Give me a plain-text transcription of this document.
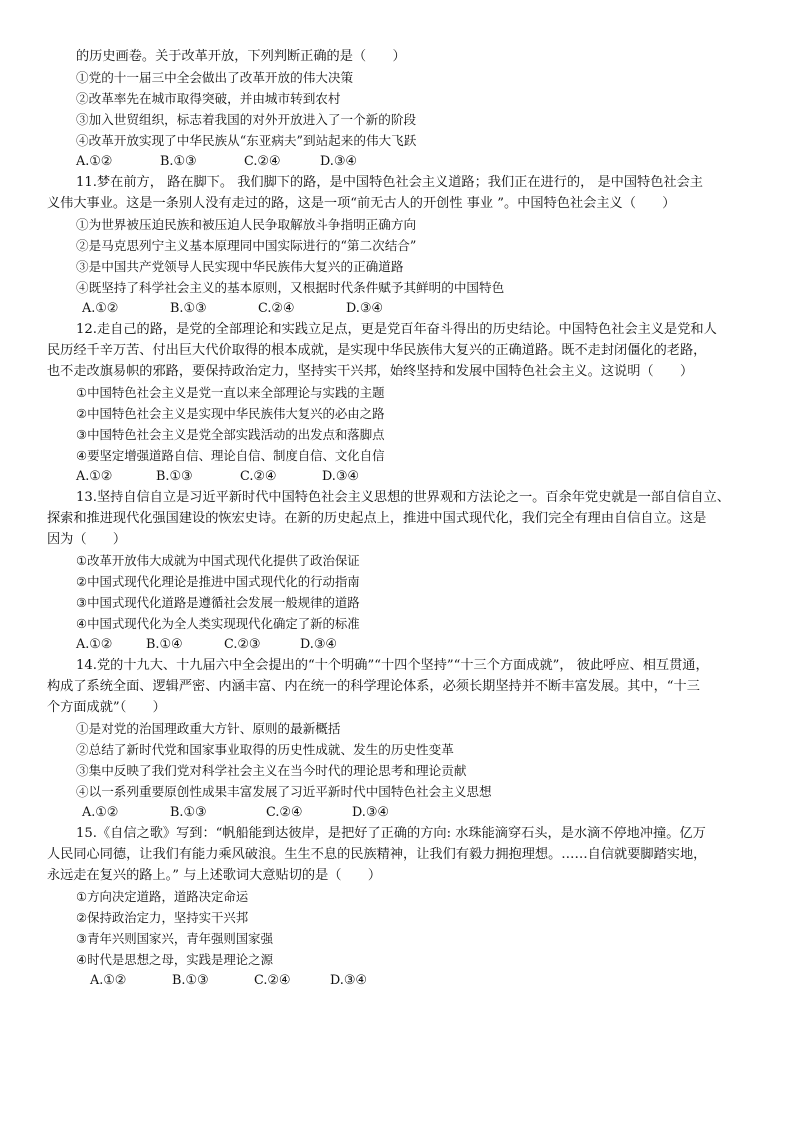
的历史画卷。关于改革开放，下列判断正确的是（　　）
①党的十一届三中全会做出了改革开放的伟大决策
②改革率先在城市取得突破，并由城市转到农村
③加入世贸组织，标志着我国的对外开放进入了一个新的阶段
④改革开放实现了中华民族从“东亚病夫”到站起来的伟大飞跃
A.①②	B.①③	C.②④	D.③④
11.梦在前方， 路在脚下。 我们脚下的路，是中国特色社会主义道路；我们正在进行的， 是中国特色社会主
义伟大事业。这是一条别人没有走过的路，这是一项“前无古人的开创性 事业 ”。中国特色社会主义（　　）
①为世界被压迫民族和被压迫人民争取解放斗争指明正确方向
②是马克思列宁主义基本原理同中国实际进行的“第二次结合”
③是中国共产党领导人民实现中华民族伟大复兴的正确道路
④既坚持了科学社会主义的基本原则，又根据时代条件赋予其鲜明的中国特色
A.①②	B.①③	C.②④	D.③④
12.走自己的路，是党的全部理论和实践立足点，更是党百年奋斗得出的历史结论。中国特色社会主义是党和人
民历经千辛万苦、付出巨大代价取得的根本成就，是实现中华民族伟大复兴的正确道路。既不走封闭僵化的老路，
也不走改旗易帜的邪路，要保持政治定力，坚持实干兴邦，始终坚持和发展中国特色社会主义。这说明（　　）
①中国特色社会主义是党一直以来全部理论与实践的主题
②中国特色社会主义是实现中华民族伟大复兴的必由之路
③中国特色社会主义是党全部实践活动的出发点和落脚点
④要坚定增强道路自信、理论自信、制度自信、文化自信
A.①②	B.①③	C.②④	D.③④
13.坚持自信自立是习近平新时代中国特色社会主义思想的世界观和方法论之一。百余年党史就是一部自信自立、
探索和推进现代化强国建设的恢宏史诗。在新的历史起点上，推进中国式现代化，我们完全有理由自信自立。这是
因为（　　）
①改革开放伟大成就为中国式现代化提供了政治保证
②中国式现代化理论是推进中国式现代化的行动指南
③中国式现代化道路是遵循社会发展一般规律的道路
④中国式现代化为全人类实现现代化确定了新的标准
A.①②	B.①④	C.②③	D.③④
14.党的十九大、十九届六中全会提出的“十个明确”“十四个坚持”“十三个方面成就”， 彼此呼应、相互贯通，
构成了系统全面、逻辑严密、内涵丰富、内在统一的科学理论体系，必须长期坚持并不断丰富发展。其中，“十三
个方面成就”（　　）
①是对党的治国理政重大方针、原则的最新概括
②总结了新时代党和国家事业取得的历史性成就、发生的历史性变革
③集中反映了我们党对科学社会主义在当今时代的理论思考和理论贡献
④以一系列重要原创性成果丰富发展了习近平新时代中国特色社会主义思想
A.①②	B.①③	C.②④	D.③④
15.《自信之歌》写到：“帆船能到达彼岸，是把好了正确的方向: 水珠能滴穿石头，是水滴不停地冲撞。亿万
人民同心同德，让我们有能力乘风破浪。生生不息的民族精神，让我们有毅力拥抱理想。……自信就要脚踏实地，
永远走在复兴的路上。” 与上述歌词大意贴切的是（　　）
①方向决定道路，道路决定命运
②保持政治定力，坚持实干兴邦
③青年兴则国家兴，青年强则国家强
④时代是思想之母，实践是理论之源
A.①②	B.①③	C.②④	D.③④
